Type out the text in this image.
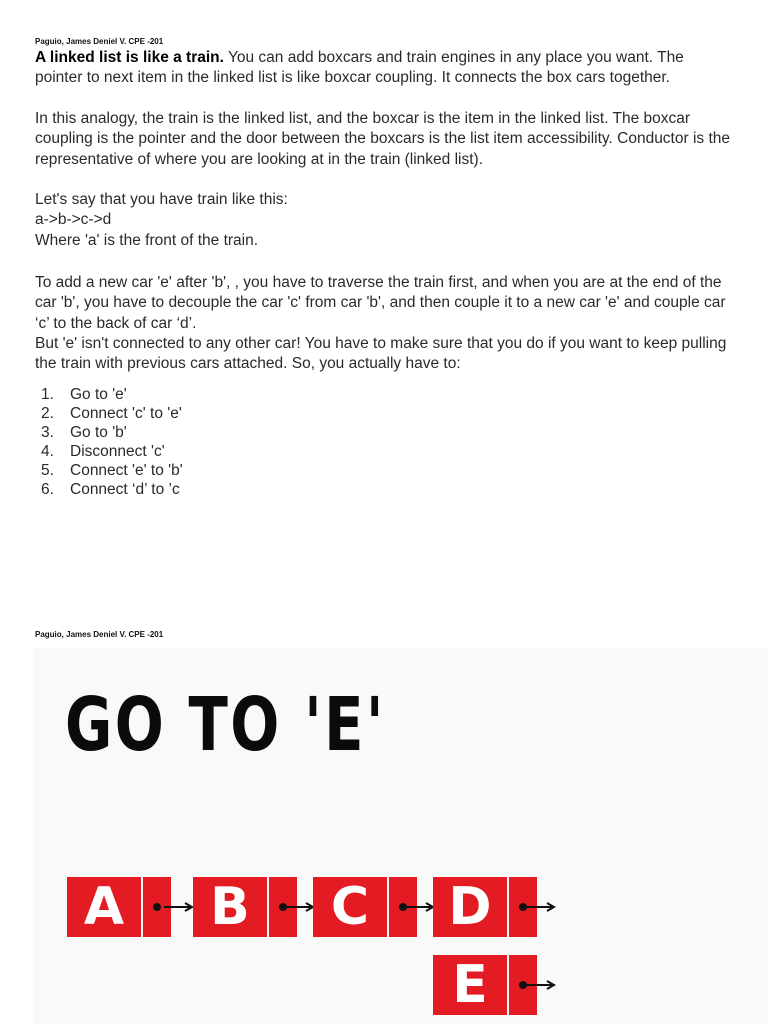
Paguio, James Deniel V. CPE -201

A linked list is like a train. You can add boxcars and train engines in any place you want. The pointer to next item in the linked list is like boxcar coupling. It connects the box cars together.

In this analogy, the train is the linked list, and the boxcar is the item in the linked list. The boxcar coupling is the pointer and the door between the boxcars is the list item accessibility. Conductor is the representative of where you are looking at in the train (linked list).

Let's say that you have train like this:
a->b->c->d
Where 'a' is the front of the train.

To add a new car 'e' after 'b', , you have to traverse the train first, and when you are at the end of the car 'b', you have to decouple the car 'c' from car 'b', and then couple it to a new car 'e' and couple car ‘c’ to the back of car ‘d’.

But 'e' isn't connected to any other car! You have to make sure that you do if you want to keep pulling the train with previous cars attached. So, you actually have to:

1.	Go to 'e'
2.	Connect 'c' to 'e'
3.	Go to 'b'
4.	Disconnect 'c'
5.	Connect 'e' to 'b'
6.	Connect ‘d’ to ’c
Paguio, James Deniel V. CPE -201
GO TO 'E'
A	B	C	D
E
